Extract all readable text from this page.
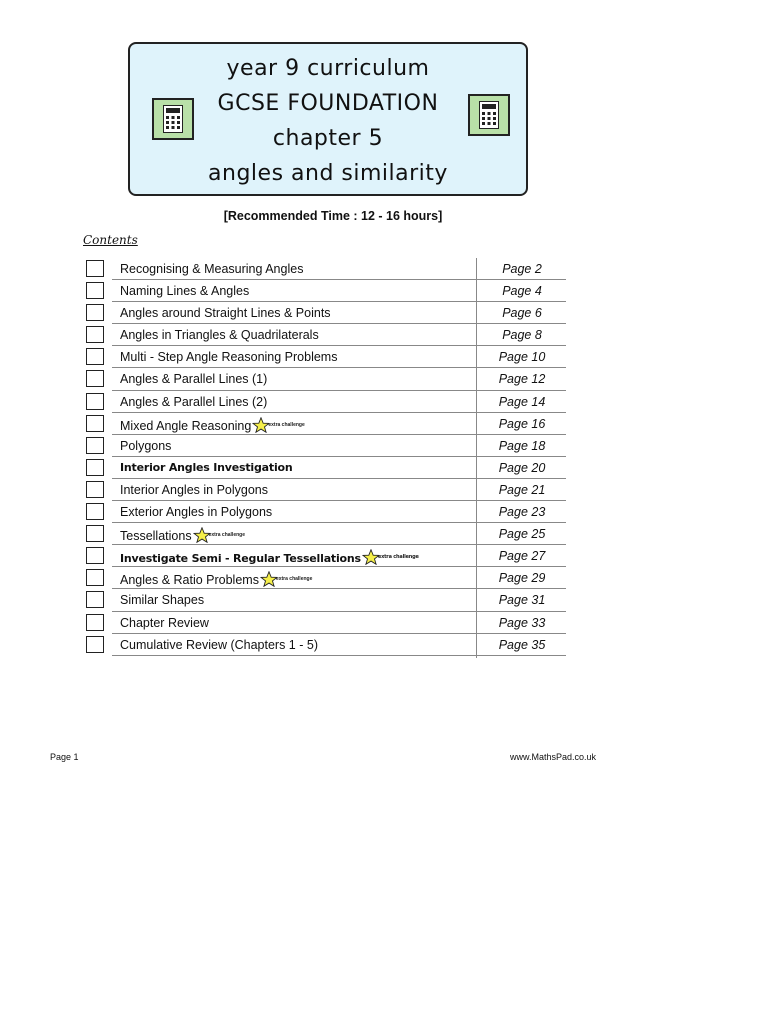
year 9 curriculum
GCSE FOUNDATION
chapter 5
angles and similarity
[Recommended Time : 12 - 16 hours]
Contents
Recognising & Measuring Angles	Page 2
Naming Lines & Angles	Page 4
Angles around Straight Lines & Points	Page 6
Angles in Triangles & Quadrilaterals	Page 8
Multi - Step Angle Reasoning Problems	Page 10
Angles & Parallel Lines (1)	Page 12
Angles & Parallel Lines (2)	Page 14
Mixed Angle Reasoning	extra challenge	Page 16
Polygons	Page 18
Interior Angles Investigation	Page 20
Interior Angles in Polygons	Page 21
Exterior Angles in Polygons	Page 23
Tessellations	extra challenge	Page 25
Investigate Semi - Regular Tessellations	extra challenge	Page 27
Angles & Ratio Problems	extra challenge	Page 29
Similar Shapes	Page 31
Chapter Review	Page 33
Cumulative Review (Chapters 1 - 5)	Page 35
Page 1	www.MathsPad.co.uk
